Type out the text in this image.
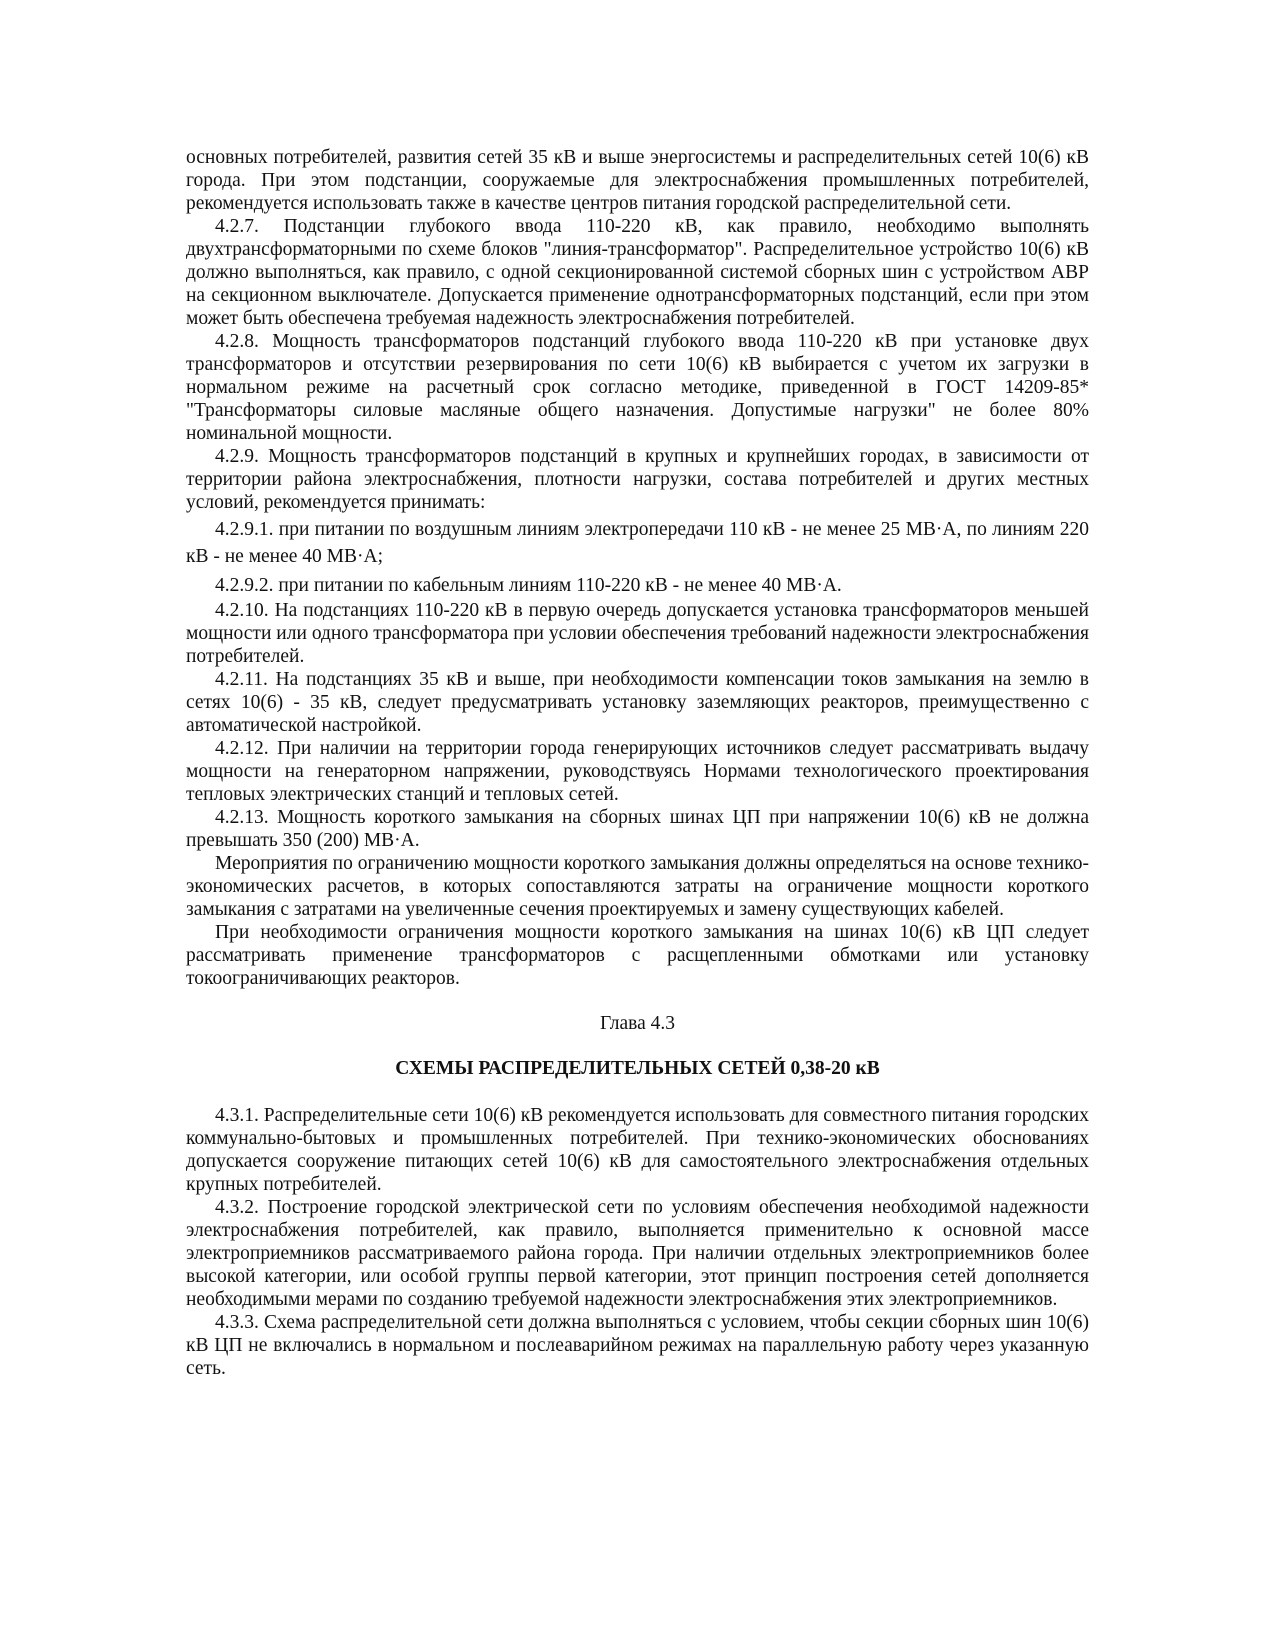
основных потребителей, развития сетей 35 кВ и выше энергосистемы и распределительных сетей 10(6) кВ города. При этом подстанции, сооружаемые для электроснабжения промышленных потребителей, рекомендуется использовать также в качестве центров питания городской распределительной сети.

4.2.7. Подстанции глубокого ввода 110-220 кВ, как правило, необходимо выполнять двухтрансформаторными по схеме блоков "линия-трансформатор". Распределительное устройство 10(6) кВ должно выполняться, как правило, с одной секционированной системой сборных шин с устройством АВР на секционном выключателе. Допускается применение однотрансформаторных подстанций, если при этом может быть обеспечена требуемая надежность электроснабжения потребителей.

4.2.8. Мощность трансформаторов подстанций глубокого ввода 110-220 кВ при установке двух трансформаторов и отсутствии резервирования по сети 10(6) кВ выбирается с учетом их загрузки в нормальном режиме на расчетный срок согласно методике, приведенной в ГОСТ 14209-85* "Трансформаторы силовые масляные общего назначения. Допустимые нагрузки" не более 80% номинальной мощности.

4.2.9. Мощность трансформаторов подстанций в крупных и крупнейших городах, в зависимости от территории района электроснабжения, плотности нагрузки, состава потребителей и других местных условий, рекомендуется принимать:

4.2.9.1. при питании по воздушным линиям электропередачи 110 кВ - не менее 25 МВ·А, по линиям 220 кВ - не менее 40 МВ·А;

4.2.9.2. при питании по кабельным линиям 110-220 кВ - не менее 40 МВ·А.

4.2.10. На подстанциях 110-220 кВ в первую очередь допускается установка трансформаторов меньшей мощности или одного трансформатора при условии обеспечения требований надежности электроснабжения потребителей.

4.2.11. На подстанциях 35 кВ и выше, при необходимости компенсации токов замыкания на землю в сетях 10(6) - 35 кВ, следует предусматривать установку заземляющих реакторов, преимущественно с автоматической настройкой.

4.2.12. При наличии на территории города генерирующих источников следует рассматривать выдачу мощности на генераторном напряжении, руководствуясь Нормами технологического проектирования тепловых электрических станций и тепловых сетей.

4.2.13. Мощность короткого замыкания на сборных шинах ЦП при напряжении 10(6) кВ не должна превышать 350 (200) МВ·А.

Мероприятия по ограничению мощности короткого замыкания должны определяться на основе технико-экономических расчетов, в которых сопоставляются затраты на ограничение мощности короткого замыкания с затратами на увеличенные сечения проектируемых и замену существующих кабелей.

При необходимости ограничения мощности короткого замыкания на шинах 10(6) кВ ЦП следует рассматривать применение трансформаторов с расщепленными обмотками или установку токоограничивающих реакторов.

Глава 4.3

СХЕМЫ РАСПРЕДЕЛИТЕЛЬНЫХ СЕТЕЙ 0,38-20 кВ

4.3.1. Распределительные сети 10(6) кВ рекомендуется использовать для совместного питания городских коммунально-бытовых и промышленных потребителей. При технико-экономических обоснованиях допускается сооружение питающих сетей 10(6) кВ для самостоятельного электроснабжения отдельных крупных потребителей.

4.3.2. Построение городской электрической сети по условиям обеспечения необходимой надежности электроснабжения потребителей, как правило, выполняется применительно к основной массе электроприемников рассматриваемого района города. При наличии отдельных электроприемников более высокой категории, или особой группы первой категории, этот принцип построения сетей дополняется необходимыми мерами по созданию требуемой надежности электроснабжения этих электроприемников.

4.3.3. Схема распределительной сети должна выполняться с условием, чтобы секции сборных шин 10(6) кВ ЦП не включались в нормальном и послеаварийном режимах на параллельную работу через указанную сеть.
